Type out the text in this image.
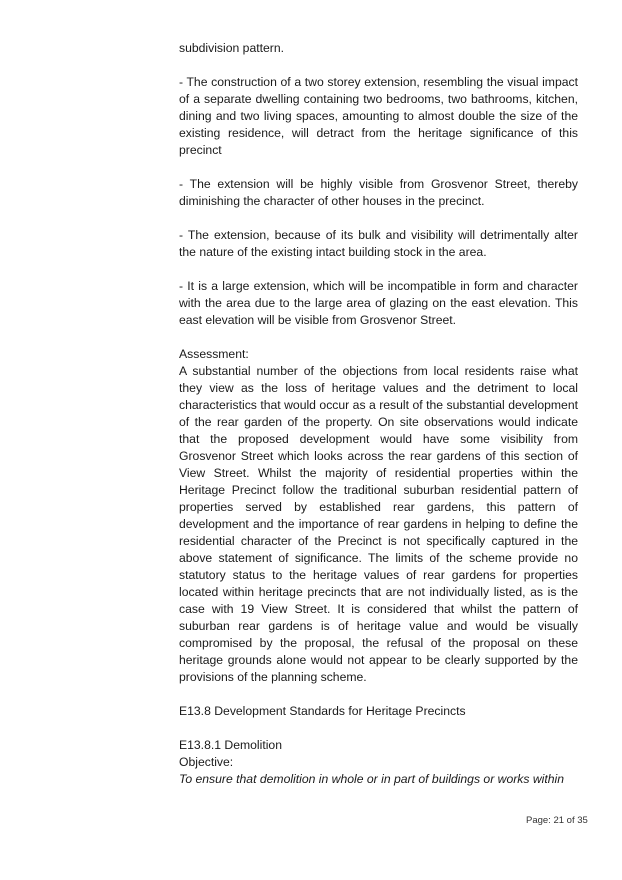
subdivision pattern.

- The construction of a two storey extension, resembling the visual impact of a separate dwelling containing two bedrooms, two bathrooms, kitchen, dining and two living spaces, amounting to almost double the size of the existing residence, will detract from the heritage significance of this precinct

- The extension will be highly visible from Grosvenor Street, thereby diminishing the character of other houses in the precinct.

- The extension, because of its bulk and visibility will detrimentally alter the nature of the existing intact building stock in the area.

- It is a large extension, which will be incompatible in form and character with the area due to the large area of glazing on the east elevation. This east elevation will be visible from Grosvenor Street.

Assessment:

A substantial number of the objections from local residents raise what they view as the loss of heritage values and the detriment to local characteristics that would occur as a result of the substantial development of the rear garden of the property. On site observations would indicate that the proposed development would have some visibility from Grosvenor Street which looks across the rear gardens of this section of View Street. Whilst the majority of residential properties within the Heritage Precinct follow the traditional suburban residential pattern of properties served by established rear gardens, this pattern of development and the importance of rear gardens in helping to define the residential character of the Precinct is not specifically captured in the above statement of significance. The limits of the scheme provide no statutory status to the heritage values of rear gardens for properties located within heritage precincts that are not individually listed, as is the case with 19 View Street. It is considered that whilst the pattern of suburban rear gardens is of heritage value and would be visually compromised by the proposal, the refusal of the proposal on these heritage grounds alone would not appear to be clearly supported by the provisions of the planning scheme.

E13.8 Development Standards for Heritage Precincts

E13.8.1 Demolition

Objective:

To ensure that demolition in whole or in part of buildings or works within

Page: 21 of 35
